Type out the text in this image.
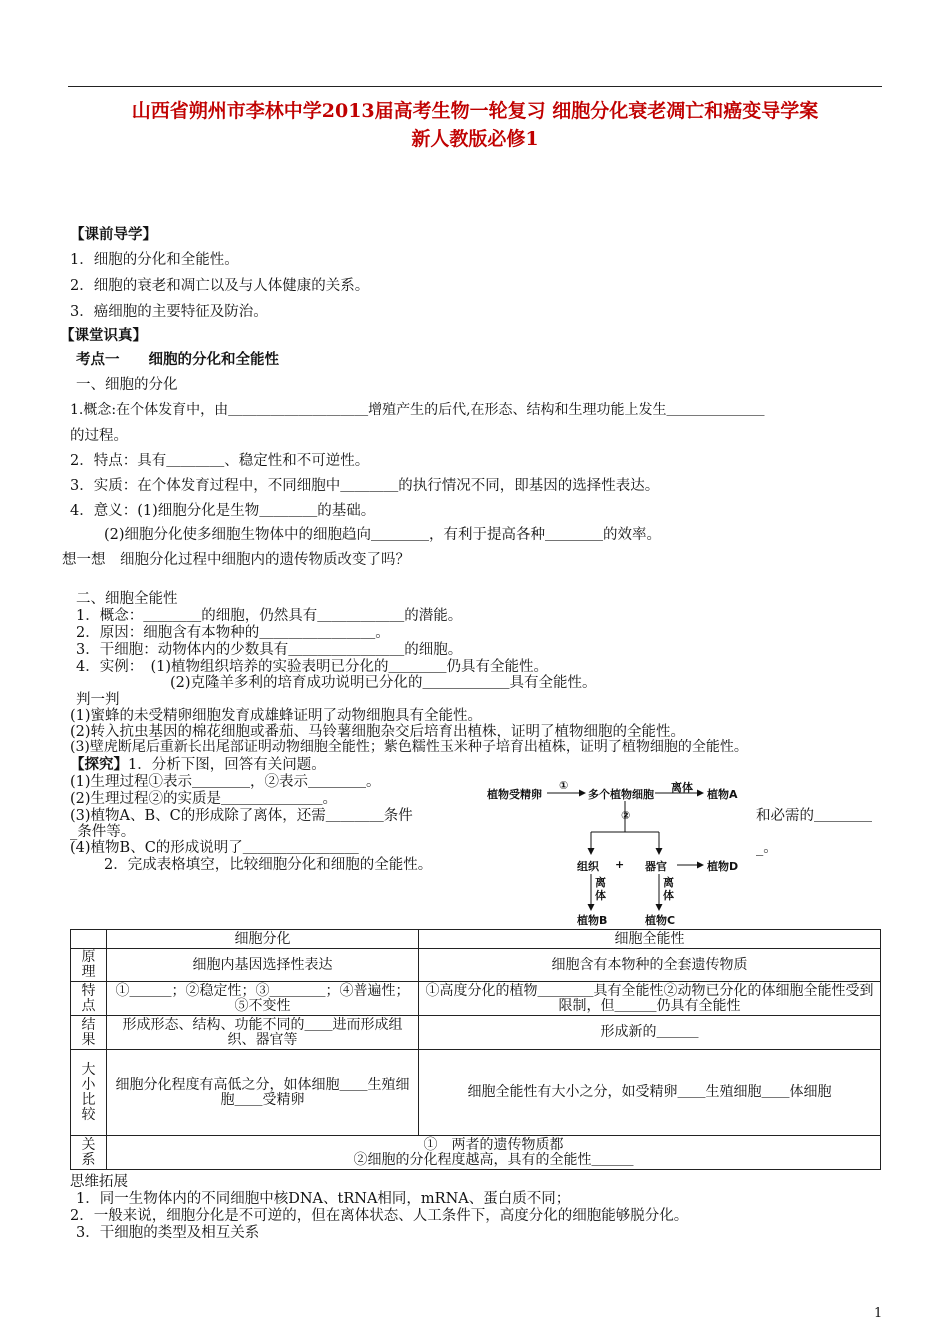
山西省朔州市李林中学2013届高考生物一轮复习 细胞分化衰老凋亡和癌变导学案
新人教版必修1
【课前导学】
1．细胞的分化和全能性。
2．细胞的衰老和凋亡以及与人体健康的关系。
3．癌细胞的主要特征及防治。
【课堂识真】
考点一　　细胞的分化和全能性
一、细胞的分化
1.概念:在个体发育中，由＿＿＿＿＿＿＿＿＿＿增殖产生的后代,在形态、结构和生理功能上发生＿＿＿＿＿＿＿
的过程。
2．特点：具有＿＿＿＿、稳定性和不可逆性。
3．实质：在个体发育过程中，不同细胞中＿＿＿＿的执行情况不同，即基因的选择性表达。
4．意义：(1)细胞分化是生物＿＿＿＿的基础。
(2)细胞分化使多细胞生物体中的细胞趋向＿＿＿＿，有利于提高各种＿＿＿＿的效率。
想一想　细胞分化过程中细胞内的遗传物质改变了吗？
二、细胞全能性
1．概念：＿＿＿＿的细胞，仍然具有＿＿＿＿＿＿的潜能。
2．原因：细胞含有本物种的＿＿＿＿＿＿＿＿。
3．干细胞：动物体内的少数具有＿＿＿＿＿＿＿＿的细胞。
4．实例：　(1)植物组织培养的实验表明已分化的＿＿＿＿仍具有全能性。
(2)克隆羊多利的培育成功说明已分化的＿＿＿＿＿＿具有全能性。
判一判
(1)蜜蜂的未受精卵细胞发育成雄蜂证明了动物细胞具有全能性。
(2)转入抗虫基因的棉花细胞或番茄、马铃薯细胞杂交后培育出植株，证明了植物细胞的全能性。
(3)壁虎断尾后重新长出尾部证明动物细胞全能性；紫色糯性玉米种子培育出植株，证明了植物细胞的全能性。
【探究】 1．分析下图，回答有关问题。
(1)生理过程①表示＿＿＿＿，②表示＿＿＿＿。
(2)生理过程②的实质是＿＿＿＿＿＿＿。
(3)植物A、B、C的形成除了离体，还需＿＿＿＿条件	和必需的＿＿＿＿
_条件等。
(4)植物B、C的形成说明了＿＿＿＿＿＿＿＿	_。
2．完成表格填空，比较细胞分化和细胞的全能性。
植物受精卵
①
多个植物细胞
离体
植物A
②
组织 + 器官	植物D
离体
离体
植物B	植物C
	细胞分化	细胞全能性
原理	细胞内基因选择性表达	细胞含有本物种的全套遗传物质
特点	①＿＿＿；②稳定性；③＿＿＿＿；④普遍性；⑤不变性	①高度分化的植物＿＿＿＿具有全能性②动物已分化的体细胞全能性受到限制，但＿＿＿仍具有全能性
结果	形成形态、结构、功能不同的＿＿进而形成组织、器官等	形成新的＿＿＿
大小比较	细胞分化程度有高低之分，如体细胞＿＿生殖细胞＿＿受精卵	细胞全能性有大小之分，如受精卵＿＿生殖细胞＿＿体细胞
关系	①　两者的遗传物质都
②细胞的分化程度越高，具有的全能性＿＿＿	
思维拓展
1．同一生物体内的不同细胞中核DNA、tRNA相同，mRNA、蛋白质不同；
2．一般来说，细胞分化是不可逆的，但在离体状态、人工条件下，高度分化的细胞能够脱分化。
3．干细胞的类型及相互关系
1
